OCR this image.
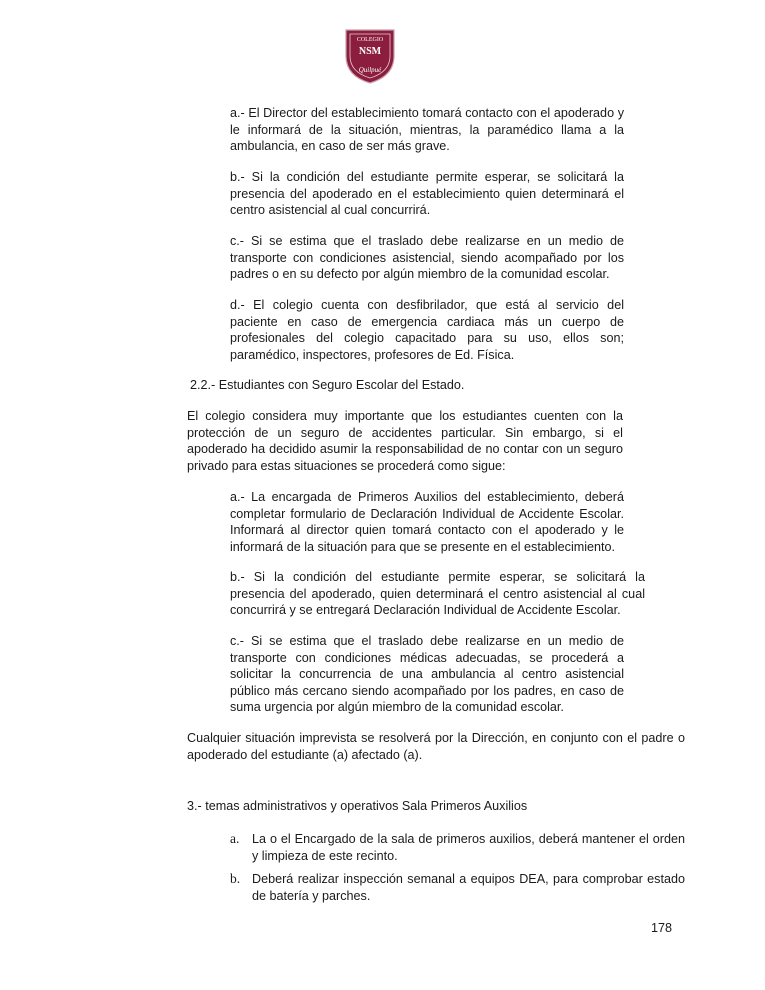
COLEGIO
NSM
Quilpué

a.- El Director del establecimiento tomará contacto con el apoderado y le informará de la situación, mientras, la paramédico llama a la ambulancia, en caso de ser más grave.

b.- Si la condición del estudiante permite esperar, se solicitará la presencia del apoderado en el establecimiento quien determinará el centro asistencial al cual concurrirá.

c.- Si se estima que el traslado debe realizarse en un medio de transporte con condiciones asistencial, siendo acompañado por los padres o en su defecto por algún miembro de la comunidad escolar.

d.- El colegio cuenta con desfibrilador, que está al servicio del paciente en caso de emergencia cardiaca más un cuerpo de profesionales del colegio capacitado para su uso, ellos son; paramédico, inspectores, profesores de Ed. Física.

2.2.- Estudiantes con Seguro Escolar del Estado.

El colegio considera muy importante que los estudiantes cuenten con la protección de un seguro de accidentes particular. Sin embargo, si el apoderado ha decidido asumir la responsabilidad de no contar con un seguro privado para estas situaciones se procederá como sigue:

a.- La encargada de Primeros Auxilios del establecimiento, deberá completar formulario de Declaración Individual de Accidente Escolar. Informará al director quien tomará contacto con el apoderado y le informará de la situación para que se presente en el establecimiento.

b.- Si la condición del estudiante permite esperar, se solicitará la presencia del apoderado, quien determinará el centro asistencial al cual concurrirá y se entregará Declaración Individual de Accidente Escolar.

c.- Si se estima que el traslado debe realizarse en un medio de transporte con condiciones médicas adecuadas, se procederá a solicitar la concurrencia de una ambulancia al centro asistencial público más cercano siendo acompañado por los padres, en caso de suma urgencia por algún miembro de la comunidad escolar.

Cualquier situación imprevista se resolverá por la Dirección, en conjunto con el padre o apoderado del estudiante (a) afectado (a).

3.- temas administrativos y operativos Sala Primeros Auxilios

a.	La o el Encargado de la sala de primeros auxilios, deberá mantener el orden y limpieza de este recinto.
b. Deberá realizar inspección semanal a equipos DEA, para comprobar estado de batería y parches.
178
